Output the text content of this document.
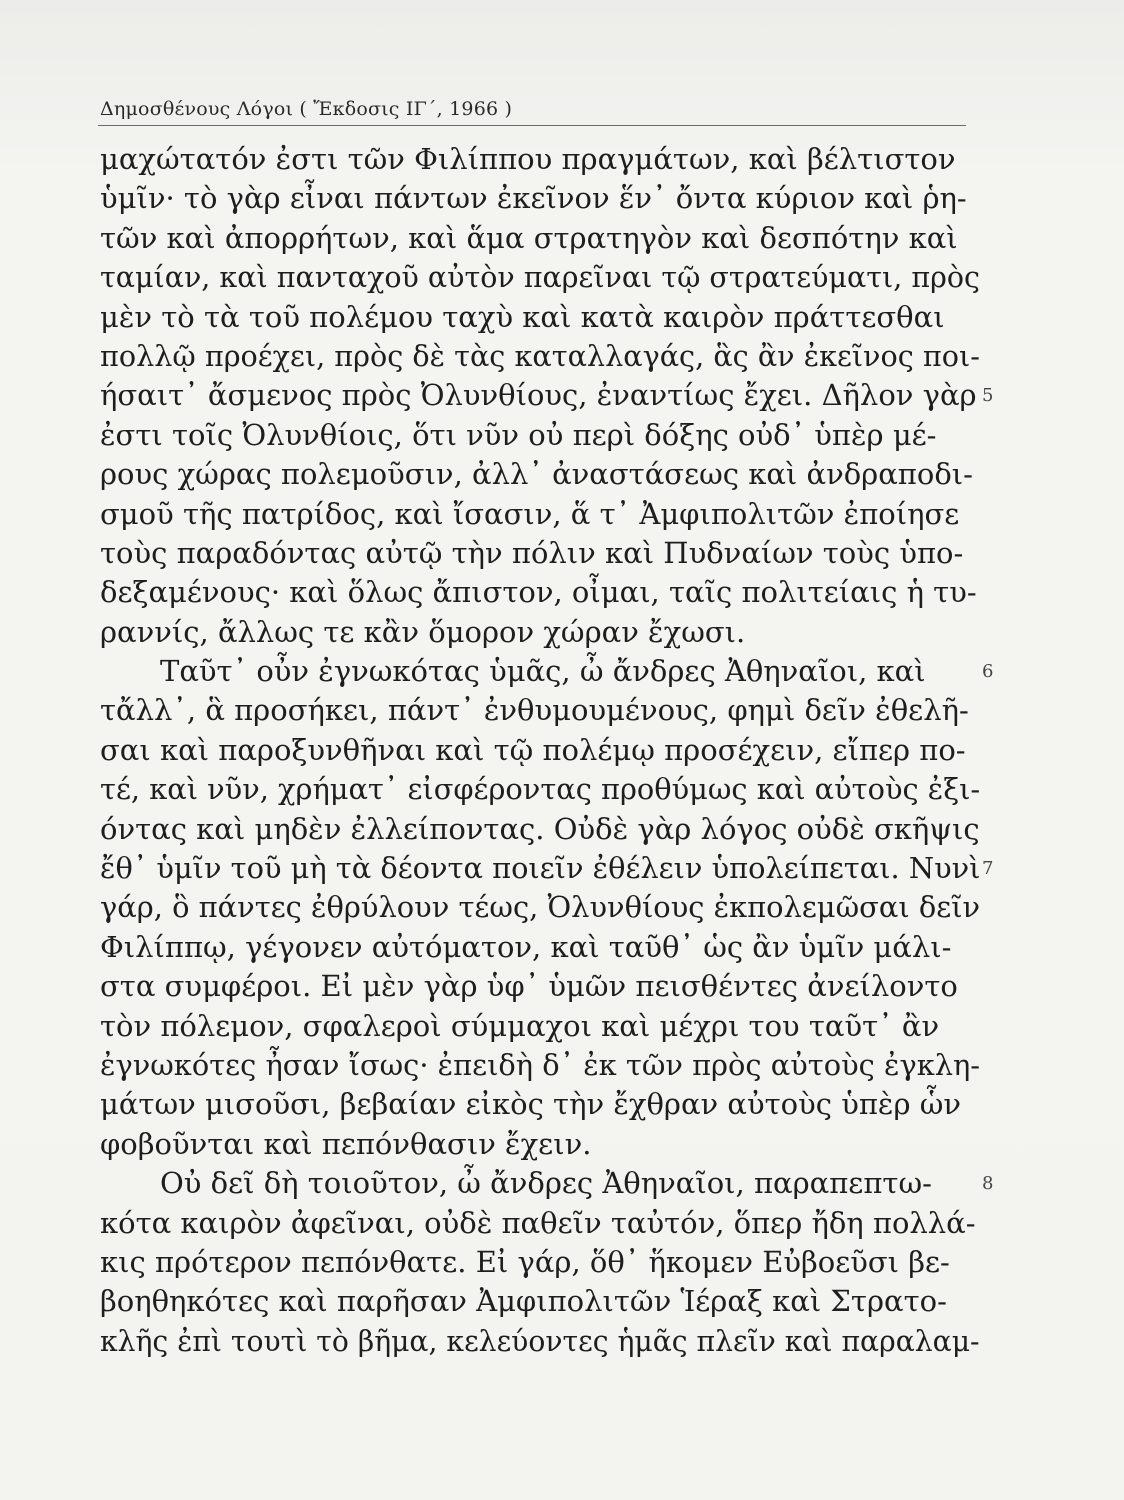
Δημοσθένους Λόγοι ( Ἔκδοσις ΙΓ΄, 1966 )
μαχώτατόν ἐστι τῶν Φιλίππου πραγμάτων, καὶ βέλτιστον
ὑμῖν· τὸ γὰρ εἶναι πάντων ἐκεῖνον ἕν᾽ ὄντα κύριον καὶ ῥη-
τῶν καὶ ἀπορρήτων, καὶ ἅμα στρατηγὸν καὶ δεσπότην καὶ
ταμίαν, καὶ πανταχοῦ αὐτὸν παρεῖναι τῷ στρατεύματι, πρὸς
μὲν τὸ τὰ τοῦ πολέμου ταχὺ καὶ κατὰ καιρὸν πράττεσθαι
πολλῷ προέχει, πρὸς δὲ τὰς καταλλαγάς, ἃς ἂν ἐκεῖνος ποι-
ήσαιτ᾽ ἄσμενος πρὸς Ὀλυνθίους, ἐναντίως ἔχει. Δῆλον γὰρ 5
ἐστι τοῖς Ὀλυνθίοις, ὅτι νῦν οὐ περὶ δόξης οὐδ᾽ ὑπὲρ μέ-
ρους χώρας πολεμοῦσιν, ἀλλ᾽ ἀναστάσεως καὶ ἀνδραποδι-
σμοῦ τῆς πατρίδος, καὶ ἴσασιν, ἅ τ᾽ Ἀμφιπολιτῶν ἐποίησε
τοὺς παραδόντας αὐτῷ τὴν πόλιν καὶ Πυδναίων τοὺς ὑπο-
δεξαμένους· καὶ ὅλως ἄπιστον, οἶμαι, ταῖς πολιτείαις ἡ τυ-
ραννίς, ἄλλως τε κἂν ὅμορον χώραν ἔχωσι.
Ταῦτ᾽ οὖν ἐγνωκότας ὑμᾶς, ὦ ἄνδρες Ἀθηναῖοι, καὶ	6
τἄλλ᾽, ἃ προσήκει, πάντ᾽ ἐνθυμουμένους, φημὶ δεῖν ἐθελῆ-
σαι καὶ παροξυνθῆναι καὶ τῷ πολέμῳ προσέχειν, εἴπερ πο-
τέ, καὶ νῦν, χρήματ᾽ εἰσφέροντας προθύμως καὶ αὐτοὺς ἐξι-
όντας καὶ μηδὲν ἐλλείποντας. Οὐδὲ γὰρ λόγος οὐδὲ σκῆψις
ἔθ᾽ ὑμῖν τοῦ μὴ τὰ δέοντα ποιεῖν ἐθέλειν ὑπολείπεται. Νυνὶ 7
γάρ, ὃ πάντες ἐθρύλουν τέως, Ὀλυνθίους ἐκπολεμῶσαι δεῖν
Φιλίππῳ, γέγονεν αὐτόματον, καὶ ταῦθ᾽ ὡς ἂν ὑμῖν μάλι-
στα συμφέροι. Εἰ μὲν γὰρ ὑφ᾽ ὑμῶν πεισθέντες ἀνείλοντο
τὸν πόλεμον, σφαλεροὶ σύμμαχοι καὶ μέχρι του ταῦτ᾽ ἂν
ἐγνωκότες ἦσαν ἴσως· ἐπειδὴ δ᾽ ἐκ τῶν πρὸς αὐτοὺς ἐγκλη-
μάτων μισοῦσι, βεβαίαν εἰκὸς τὴν ἔχθραν αὐτοὺς ὑπὲρ ὧν
φοβοῦνται καὶ πεπόνθασιν ἔχειν.
Οὐ δεῖ δὴ τοιοῦτον, ὦ ἄνδρες Ἀθηναῖοι, παραπεπτω-	8
κότα καιρὸν ἀφεῖναι, οὐδὲ παθεῖν ταὐτόν, ὅπερ ἤδη πολλά-
κις πρότερον πεπόνθατε. Εἰ γάρ, ὅθ᾽ ἥκομεν Εὐβοεῦσι βε-
βοηθηκότες καὶ παρῆσαν Ἀμφιπολιτῶν Ἱέραξ καὶ Στρατο-
κλῆς ἐπὶ τουτὶ τὸ βῆμα, κελεύοντες ἡμᾶς πλεῖν καὶ παραλαμ-
